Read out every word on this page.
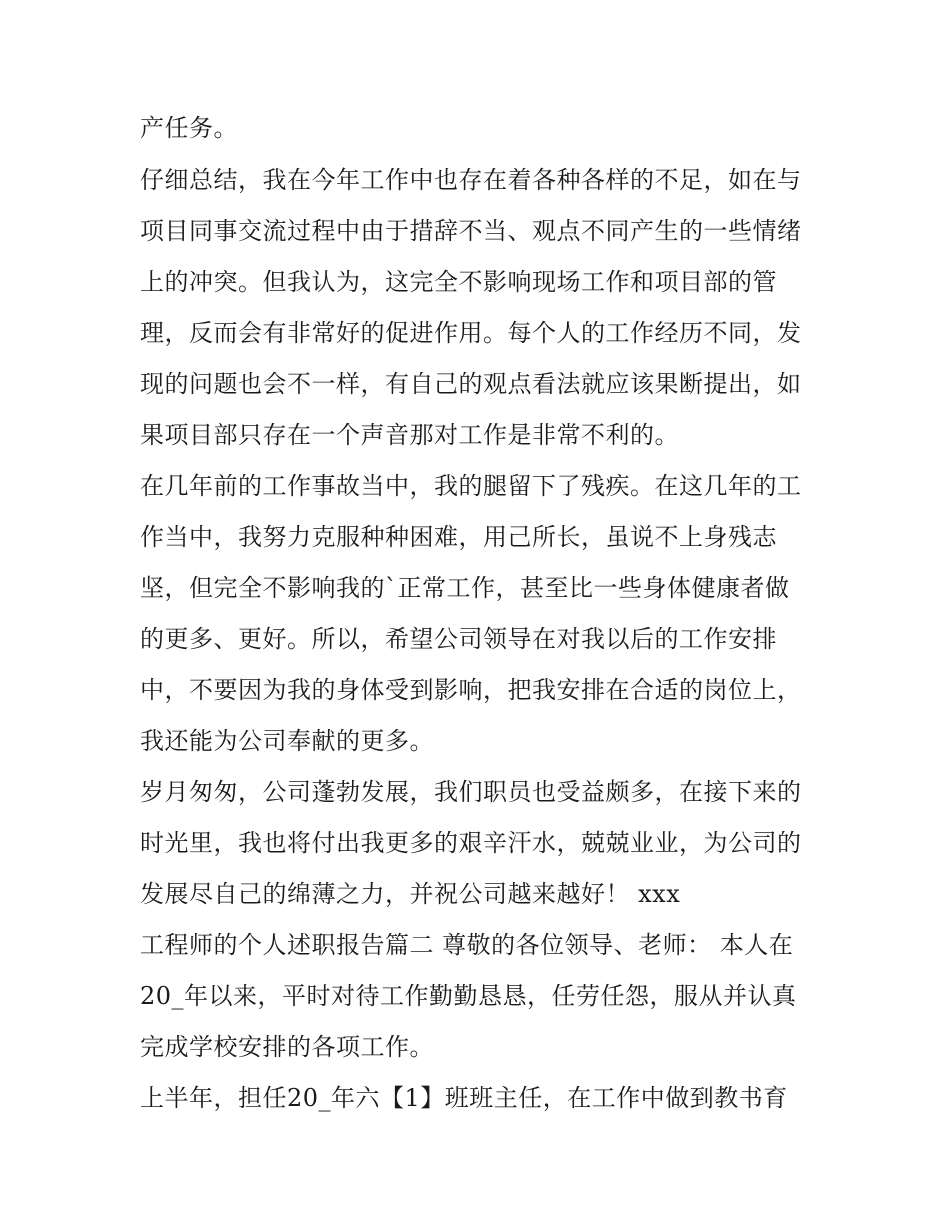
产任务。
仔细总结，我在今年工作中也存在着各种各样的不足，如在与
项目同事交流过程中由于措辞不当、观点不同产生的一些情绪
上的冲突。但我认为，这完全不影响现场工作和项目部的管
理，反而会有非常好的促进作用。每个人的工作经历不同，发
现的问题也会不一样，有自己的观点看法就应该果断提出，如
果项目部只存在一个声音那对工作是非常不利的。
在几年前的工作事故当中，我的腿留下了残疾。在这几年的工
作当中，我努力克服种种困难，用己所长，虽说不上身残志
坚，但完全不影响我的`正常工作，甚至比一些身体健康者做
的更多、更好。所以，希望公司领导在对我以后的工作安排
中，不要因为我的身体受到影响，把我安排在合适的岗位上，
我还能为公司奉献的更多。
岁月匆匆，公司蓬勃发展，我们职员也受益颇多，在接下来的
时光里，我也将付出我更多的艰辛汗水，兢兢业业，为公司的
发展尽自己的绵薄之力，并祝公司越来越好！ xxx
工程师的个人述职报告篇二 尊敬的各位领导、老师： 本人在
20_年以来，平时对待工作勤勤恳恳，任劳任怨，服从并认真
完成学校安排的各项工作。
上半年，担任20_年六【1】班班主任，在工作中做到教书育
